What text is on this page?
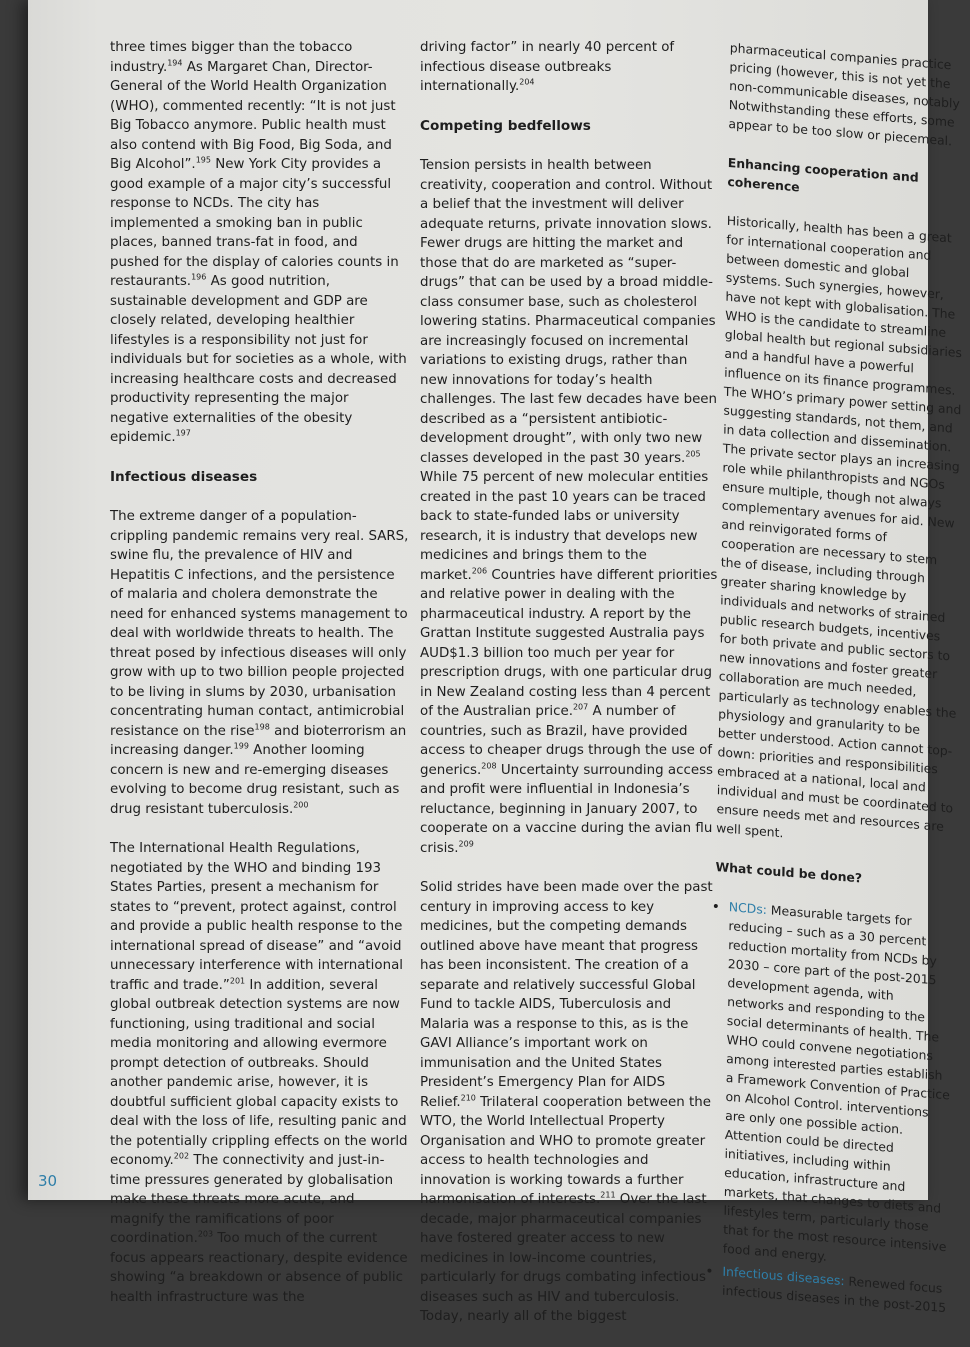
three times bigger than the tobacco industry.$^{194}$ As Margaret Chan, Director-General of the World Health Organization (WHO), commented recently: “It is not just Big Tobacco anymore. Public health must also contend with Big Food, Big Soda, and Big Alcohol”.$^{195}$ New York City provides a good example of a major city’s successful response to NCDs. The city has implemented a smoking ban in public places, banned trans-fat in food, and pushed for the display of calories counts in restaurants.$^{196}$ As good nutrition, sustainable development and GDP are closely related, developing healthier lifestyles is a responsibility not just for individuals but for societies as a whole, with increasing healthcare costs and decreased productivity representing the major negative externalities of the obesity epidemic.$^{197}$

Infectious diseases

The extreme danger of a population-crippling pandemic remains very real. SARS, swine flu, the prevalence of HIV and Hepatitis C infections, and the persistence of malaria and cholera demonstrate the need for enhanced systems management to deal with worldwide threats to health. The threat posed by infectious diseases will only grow with up to two billion people projected to be living in slums by 2030, urbanisation concentrating human contact, antimicrobial resistance on the rise$^{198}$ and bioterrorism an increasing danger.$^{199}$ Another looming concern is new and re-emerging diseases evolving to become drug resistant, such as drug resistant tuberculosis.$^{200}$

The International Health Regulations, negotiated by the WHO and binding 193 States Parties, present a mechanism for states to “prevent, protect against, control and provide a public health response to the international spread of disease” and “avoid unnecessary interference with international traffic and trade.”$^{201}$ In addition, several global outbreak detection systems are now functioning, using traditional and social media monitoring and allowing evermore prompt detection of outbreaks. Should another pandemic arise, however, it is doubtful sufficient global capacity exists to deal with the loss of life, resulting panic and the potentially crippling effects on the world economy.$^{202}$ The connectivity and just-in-time pressures generated by globalisation make these threats more acute, and magnify the ramifications of poor coordination.$^{203}$ Too much of the current focus appears reactionary, despite evidence showing “a breakdown or absence of public health infrastructure was the

driving factor” in nearly 40 percent of infectious disease outbreaks internationally.$^{204}$

Competing bedfellows

Tension persists in health between creativity, cooperation and control. Without a belief that the investment will deliver adequate returns, private innovation slows. Fewer drugs are hitting the market and those that do are marketed as “super-drugs” that can be used by a broad middle-class consumer base, such as cholesterol lowering statins. Pharmaceutical companies are increasingly focused on incremental variations to existing drugs, rather than new innovations for today’s health challenges. The last few decades have been described as a “persistent antibiotic-development drought”, with only two new classes developed in the past 30 years.$^{205}$ While 75 percent of new molecular entities created in the past 10 years can be traced back to state-funded labs or university research, it is industry that develops new medicines and brings them to the market.$^{206}$ Countries have different priorities and relative power in dealing with the pharmaceutical industry. A report by the Grattan Institute suggested Australia pays AUD$1.3 billion too much per year for prescription drugs, with one particular drug in New Zealand costing less than 4 percent of the Australian price.$^{207}$ A number of countries, such as Brazil, have provided access to cheaper drugs through the use of generics.$^{208}$ Uncertainty surrounding access and profit were influential in Indonesia’s reluctance, beginning in January 2007, to cooperate on a vaccine during the avian flu crisis.$^{209}$

Solid strides have been made over the past century in improving access to key medicines, but the competing demands outlined above have meant that progress has been inconsistent. The creation of a separate and relatively successful Global Fund to tackle AIDS, Tuberculosis and Malaria was a response to this, as is the GAVI Alliance’s important work on immunisation and the United States President’s Emergency Plan for AIDS Relief.$^{210}$ Trilateral cooperation between the WTO, the World Intellectual Property Organisation and WHO to promote greater access to health technologies and innovation is working towards a further harmonisation of interests.$^{211}$ Over the last decade, major pharmaceutical companies have fostered greater access to new medicines in low-income countries, particularly for drugs combating infectious diseases such as HIV and tuberculosis. Today, nearly all of the biggest

pharmaceutical companies practice pricing (however, this is not yet the non-communicable diseases, notably Notwithstanding these efforts, some appear to be too slow or piecemeal.

Enhancing cooperation and coherence

Historically, health has been a great for international cooperation and between domestic and global systems. Such synergies, however, have not kept with globalisation. The WHO is the candidate to streamline global health but regional subsidiaries and a handful have a powerful influence on its finance programmes. The WHO’s primary power setting and suggesting standards, not them, and in data collection and dissemination. The private sector plays an increasing role while philanthropists and NGOs ensure multiple, though not always complementary avenues for aid. New and reinvigorated forms of cooperation are necessary to stem the of disease, including through greater sharing knowledge by individuals and networks of strained public research budgets, incentives for both private and public sectors to new innovations and foster greater collaboration are much needed, particularly as technology enables the physiology and granularity to be better understood. Action cannot top-down: priorities and responsibilities embraced at a national, local and individual and must be coordinated to ensure needs met and resources are well spent.

What could be done?
• NCDs: Measurable targets for reducing – such as a 30 percent reduction mortality from NCDs by 2030 – core part of the post-2015 development agenda, with networks and responding to the social determinants of health. The WHO could convene negotiations among interested parties establish a Framework Convention of Practice on Alcohol Control. interventions are only one possible action. Attention could be directed initiatives, including within education, infrastructure and markets, that changes to diets and lifestyles term, particularly those that for the most resource intensive food and energy.
• Infectious diseases: Renewed focus infectious diseases in the post-2015
30
